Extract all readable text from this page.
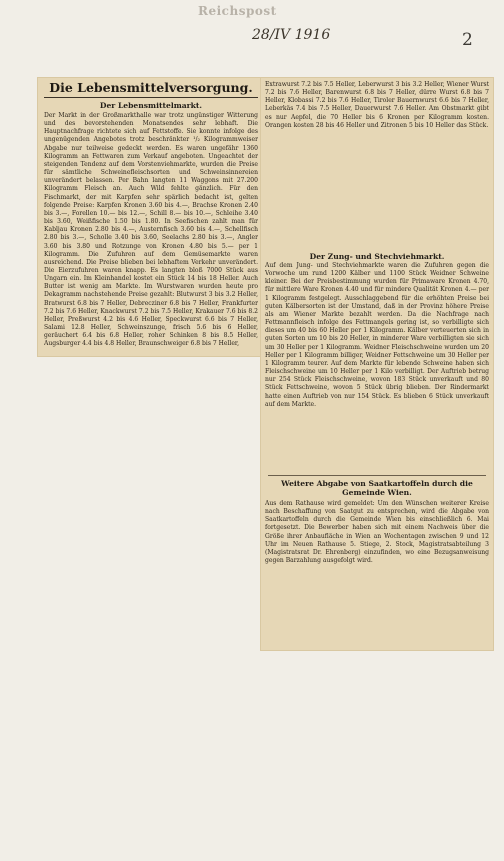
Reichspost
28/IV 1916	2
Die Lebensmittelversorgung.
Der Lebensmittelmarkt.
Der Markt in der Großmarkthalle war trotz ungünstiger Witterung und des bevorstehenden Monatsendes sehr lebhaft. Die Hauptnachfrage richtete sich auf Fettstoffe. Sie konnte infolge des ungenügenden Angebotes trotz beschränkter ¹/₂ Kilogrammweiser Abgabe nur teilweise gedeckt werden. Es waren ungefähr 1360 Kilogramm an Fettwaren zum Verkauf angeboten. Ungeachtet der steigenden Tendenz auf dem Vorstenviehmarkte, wurden die Preise für sämtliche Schweinefleischsorten und Schweinsinnereien unverändert belassen. Per Bahn langten 11 Waggons mit 27.200 Kilogramm Fleisch an. Auch Wild fehlte gänzlich. Für den Fischmarkt, der mit Karpfen sehr spärlich bedacht ist, gelten folgende Preise: Karpfen Kronen 3.60 bis 4.—, Brachse Kronen 2.40 bis 3.—, Forellen 10.— bis 12.—, Schill 8.— bis 10.—, Schleihe 3.40 bis 3.60, Weißfische 1.50 bis 1.80. In Seefischen zahlt man für Kabljau Kronen 2.80 bis 4.—, Austernfisch 3.60 bis 4.—, Schellfisch 2.80 bis 3.—, Scholle 3.40 bis 3.60, Seelachs 2.80 bis 3.—, Angler 3.60 bis 3.80 und Rotzunge von Kronen 4.80 bis 5.— per 1 Kilogramm. Die Zufuhren auf dem Gemüsemarkte waren ausreichend. Die Preise blieben bei lebhaftem Verkehr unverändert. Die Eierzufuhren waren knapp. Es langten bloß 7000 Stück aus Ungarn ein. Im Kleinhandel kostet ein Stück 14 bis 18 Heller. Auch Butter ist wenig am Markte. Im Wurstwaren wurden heute pro Dekagramm nachstehende Preise gezahlt: Blutwurst 3 bis 3.2 Heller, Bratwurst 6.8 bis 7 Heller, Debrecziner 6.8 bis 7 Heller, Frankfurter 7.2 bis 7.6 Heller, Knackwurst 7.2 bis 7.5 Heller, Krakauer 7.6 bis 8.2 Heller, Preßwurst 4.2 bis 4.6 Heller, Speckwurst 6.6 bis 7 Heller, Salami 12.8 Heller, Schweinszunge, frisch 5.6 bis 6 Heller, geräuchert 6.4 bis 6.8 Heller, roher Schinken 8 bis 8.5 Heller, Augsburger 4.4 bis 4.8 Heller, Braunschweiger 6.8 bis 7 Heller,
Extrawurst 7.2 bis 7.5 Heller, Leberwurst 3 bis 3.2 Heller, Wiener Wurst 7.2 bis 7.6 Heller, Barenwurst 6.8 bis 7 Heller, dürre Wurst 6.8 bis 7 Heller, Klobassi 7.2 bis 7.6 Heller, Tiroler Bauernwurst 6.6 bis 7 Heller, Leberkäs 7.4 bis 7.5 Heller, Dauerwurst 7.6 Heller. Am Obstmarkt gibt es nur Aepfel, die 70 Heller bis 6 Kronen per Kilogramm kosten. Orangen kosten 28 bis 46 Heller und Zitronen 5 bis 10 Heller das Stück.
Der Zung- und Stechviehmarkt.
Auf dem Jung- und Stechviehmarkte waren die Zufuhren gegen die Vorwoche um rund 1200 Kälber und 1100 Stück Weidner Schweine kleiner. Bei der Preisbestimmung wurden für Primaware Kronen 4.70, für mittlere Ware Kronen 4.40 und für mindere Qualität Kronen 4.— per 1 Kilogramm festgelegt. Ausschlaggebend für die erhöhten Preise bei guten Kälbersorten ist der Umstand, daß in der Provinz höhere Preise als am Wiener Markte bezahlt werden. Da die Nachfrage nach Fettmannfleisch infolge des Fettmangels gering ist, so verbilligte sich dieses um 40 bis 60 Heller per 1 Kilogramm. Kälber verteuerten sich in guten Sorten um 10 bis 20 Heller, in minderer Ware verbilligten sie sich um 30 Heller per 1 Kilogramm. Weidner Fleischschweine wurden um 20 Heller per 1 Kilogramm billiger, Weidner Fettschweine um 30 Heller per 1 Kilogramm teurer. Auf dem Markte für lebende Schweine haben sich Fleischschweine um 10 Heller per 1 Kilo verbilligt. Der Auftrieb betrug nur 254 Stück Fleischschweine, wovon 183 Stück unverkauft und 80 Stück Fettschweine, wovon 5 Stück übrig blieben. Der Rindermarkt hatte einen Auftrieb von nur 154 Stück. Es blieben 6 Stück unverkauft auf dem Markte.
Weitere Abgabe von Saatkartoffeln durch die Gemeinde Wien.
Aus dem Rathause wird gemeldet: Um den Wünschen weiterer Kreise nach Beschaffung von Saatgut zu entsprechen, wird die Abgabe von Saatkartoffeln durch die Gemeinde Wien bis einschließlich 6. Mai fortgesetzt. Die Bewerber haben sich mit einem Nachweis über die Größe ihrer Anbaufläche in Wien an Wochentagen zwischen 9 und 12 Uhr im Neuen Rathause 5. Stiege, 2. Stock, Magistratsabteilung 3 (Magistratsrat Dr. Ehrenberg) einzufinden, wo eine Bezugsanweisung gegen Barzahlung ausgefolgt wird.
